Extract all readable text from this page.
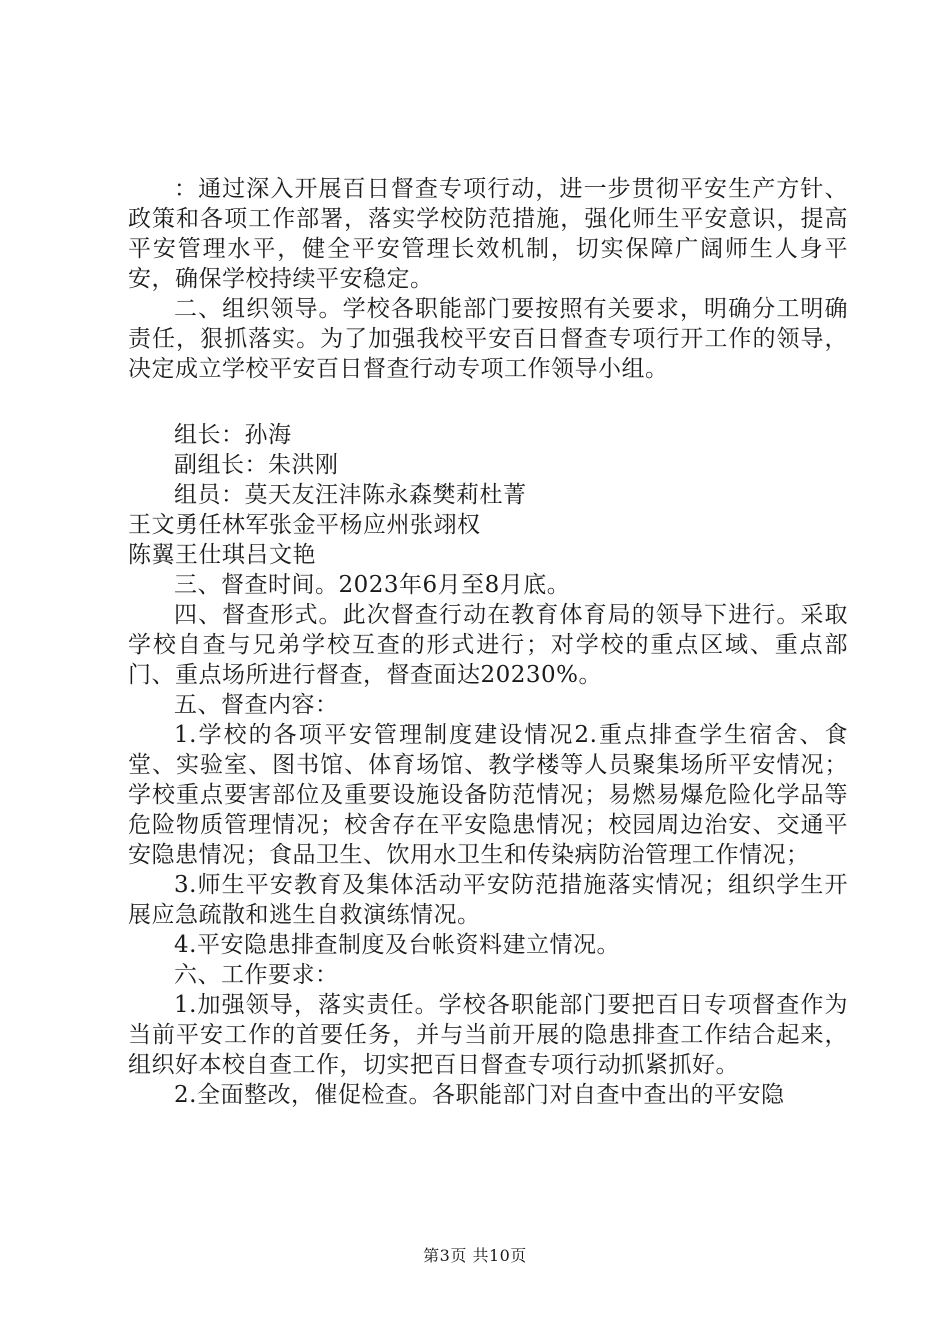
：通过深入开展百日督查专项行动，进一步贯彻平安生产方针、政策和各项工作部署，落实学校防范措施，强化师生平安意识，提高平安管理水平，健全平安管理长效机制，切实保障广阔师生人身平安，确保学校持续平安稳定。

二、组织领导。学校各职能部门要按照有关要求，明确分工明确责任，狠抓落实。为了加强我校平安百日督查专项行开工作的领导，决定成立学校平安百日督查行动专项工作领导小组。

组长：孙海

副组长：朱洪刚

组员：莫天友汪沣陈永森樊莉杜菁

王文勇任林军张金平杨应州张翊权

陈翼王仕琪吕文艳

三、督查时间。2023年6月至8月底。

四、督查形式。此次督查行动在教育体育局的领导下进行。采取学校自查与兄弟学校互查的形式进行；对学校的重点区域、重点部门、重点场所进行督查，督查面达20230%。

五、督查内容：

1.学校的各项平安管理制度建设情况2.重点排查学生宿舍、食堂、实验室、图书馆、体育场馆、教学楼等人员聚集场所平安情况；学校重点要害部位及重要设施设备防范情况；易燃易爆危险化学品等危险物质管理情况；校舍存在平安隐患情况；校园周边治安、交通平安隐患情况；食品卫生、饮用水卫生和传染病防治管理工作情况；

3.师生平安教育及集体活动平安防范措施落实情况；组织学生开展应急疏散和逃生自救演练情况。

4.平安隐患排查制度及台帐资料建立情况。

六、工作要求：

1.加强领导，落实责任。学校各职能部门要把百日专项督查作为当前平安工作的首要任务，并与当前开展的隐患排查工作结合起来，组织好本校自查工作，切实把百日督查专项行动抓紧抓好。

2.全面整改，催促检查。各职能部门对自查中查出的平安隐

第3页 共10页
